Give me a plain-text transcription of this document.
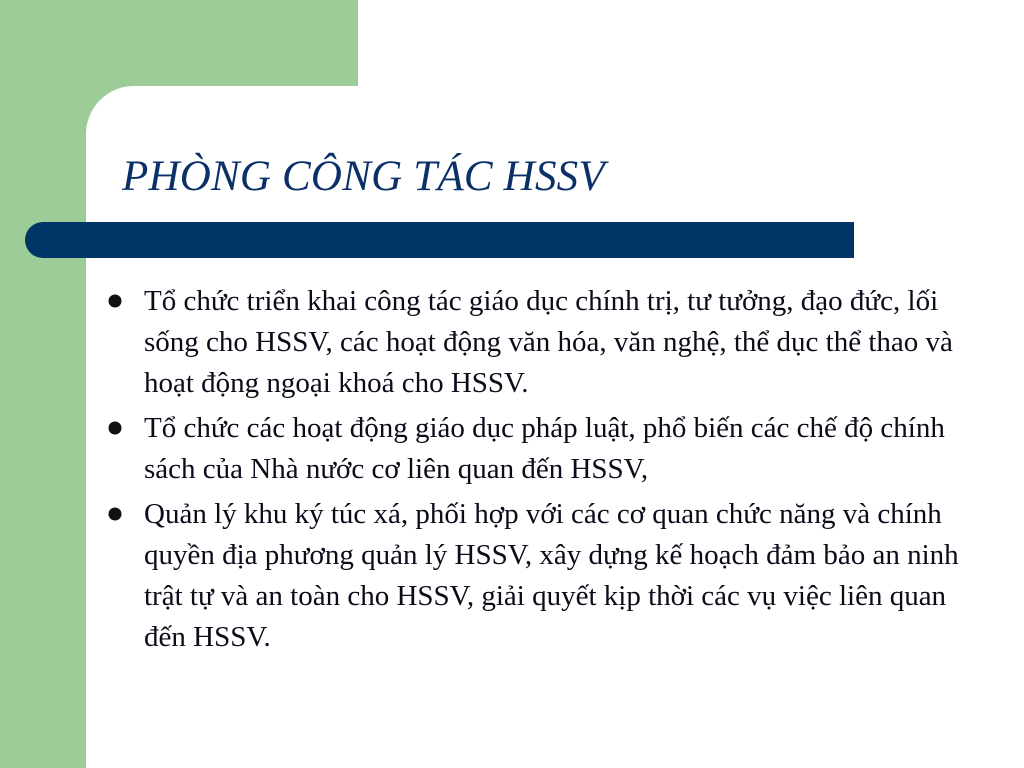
PHÒNG CÔNG TÁC HSSV
Tổ chức triển khai công tác giáo dục chính trị, tư tưởng, đạo đức, lối sống cho HSSV, các hoạt động văn hóa, văn nghệ, thể dục thể thao và hoạt động ngoại khoá cho HSSV.
Tổ chức các hoạt động giáo dục pháp luật, phổ biến các chế độ chính sách của Nhà nước cơ liên quan đến HSSV,
Quản lý khu ký túc xá, phối hợp với các cơ quan chức năng và chính quyền địa phương quản lý HSSV, xây dựng kế hoạch đảm bảo an ninh trật tự và an toàn cho HSSV, giải quyết kịp thời các vụ việc liên quan đến HSSV.
